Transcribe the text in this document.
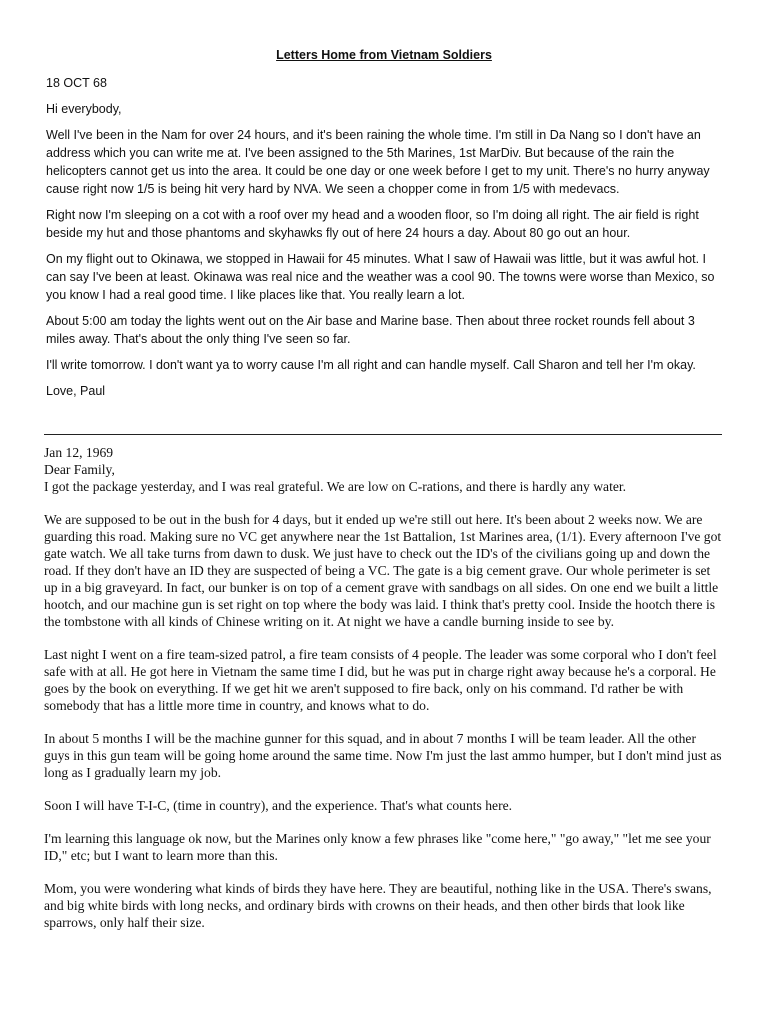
Letters Home from Vietnam Soldiers

18 OCT 68

Hi everybody,

Well I've been in the Nam for over 24 hours, and it's been raining the whole time. I'm still in Da Nang so I don't have an address which you can write me at. I've been assigned to the 5th Marines, 1st MarDiv. But because of the rain the helicopters cannot get us into the area. It could be one day or one week before I get to my unit. There's no hurry anyway cause right now 1/5 is being hit very hard by NVA. We seen a chopper come in from 1/5 with medevacs.

Right now I'm sleeping on a cot with a roof over my head and a wooden floor, so I'm doing all right. The air field is right beside my hut and those phantoms and skyhawks fly out of here 24 hours a day. About 80 go out an hour.

On my flight out to Okinawa, we stopped in Hawaii for 45 minutes. What I saw of Hawaii was little, but it was awful hot. I can say I've been at least. Okinawa was real nice and the weather was a cool 90. The towns were worse than Mexico, so you know I had a real good time. I like places like that. You really learn a lot.

About 5:00 am today the lights went out on the Air base and Marine base. Then about three rocket rounds fell about 3 miles away. That's about the only thing I've seen so far.

I'll write tomorrow. I don't want ya to worry cause I'm all right and can handle myself. Call Sharon and tell her I'm okay.

Love, Paul

Jan 12, 1969
Dear Family,

I got the package yesterday, and I was real grateful. We are low on C-rations, and there is hardly any water.

We are supposed to be out in the bush for 4 days, but it ended up we're still out here. It's been about 2 weeks now. We are guarding this road. Making sure no VC get anywhere near the 1st Battalion, 1st Marines area, (1/1). Every afternoon I've got gate watch. We all take turns from dawn to dusk. We just have to check out the ID's of the civilians going up and down the road. If they don't have an ID they are suspected of being a VC. The gate is a big cement grave. Our whole perimeter is set up in a big graveyard. In fact, our bunker is on top of a cement grave with sandbags on all sides. On one end we built a little hootch, and our machine gun is set right on top where the body was laid. I think that's pretty cool. Inside the hootch there is the tombstone with all kinds of Chinese writing on it. At night we have a candle burning inside to see by.

Last night I went on a fire team-sized patrol, a fire team consists of 4 people. The leader was some corporal who I don't feel safe with at all. He got here in Vietnam the same time I did, but he was put in charge right away because he's a corporal. He goes by the book on everything. If we get hit we aren't supposed to fire back, only on his command. I'd rather be with somebody that has a little more time in country, and knows what to do.

In about 5 months I will be the machine gunner for this squad, and in about 7 months I will be team leader. All the other guys in this gun team will be going home around the same time. Now I'm just the last ammo humper, but I don't mind just as long as I gradually learn my job.

Soon I will have T-I-C, (time in country), and the experience. That's what counts here.

I'm learning this language ok now, but the Marines only know a few phrases like "come here," "go away," "let me see your ID," etc; but I want to learn more than this.

Mom, you were wondering what kinds of birds they have here. They are beautiful, nothing like in the USA. There's swans, and big white birds with long necks, and ordinary birds with crowns on their heads, and then other birds that look like sparrows, only half their size.
